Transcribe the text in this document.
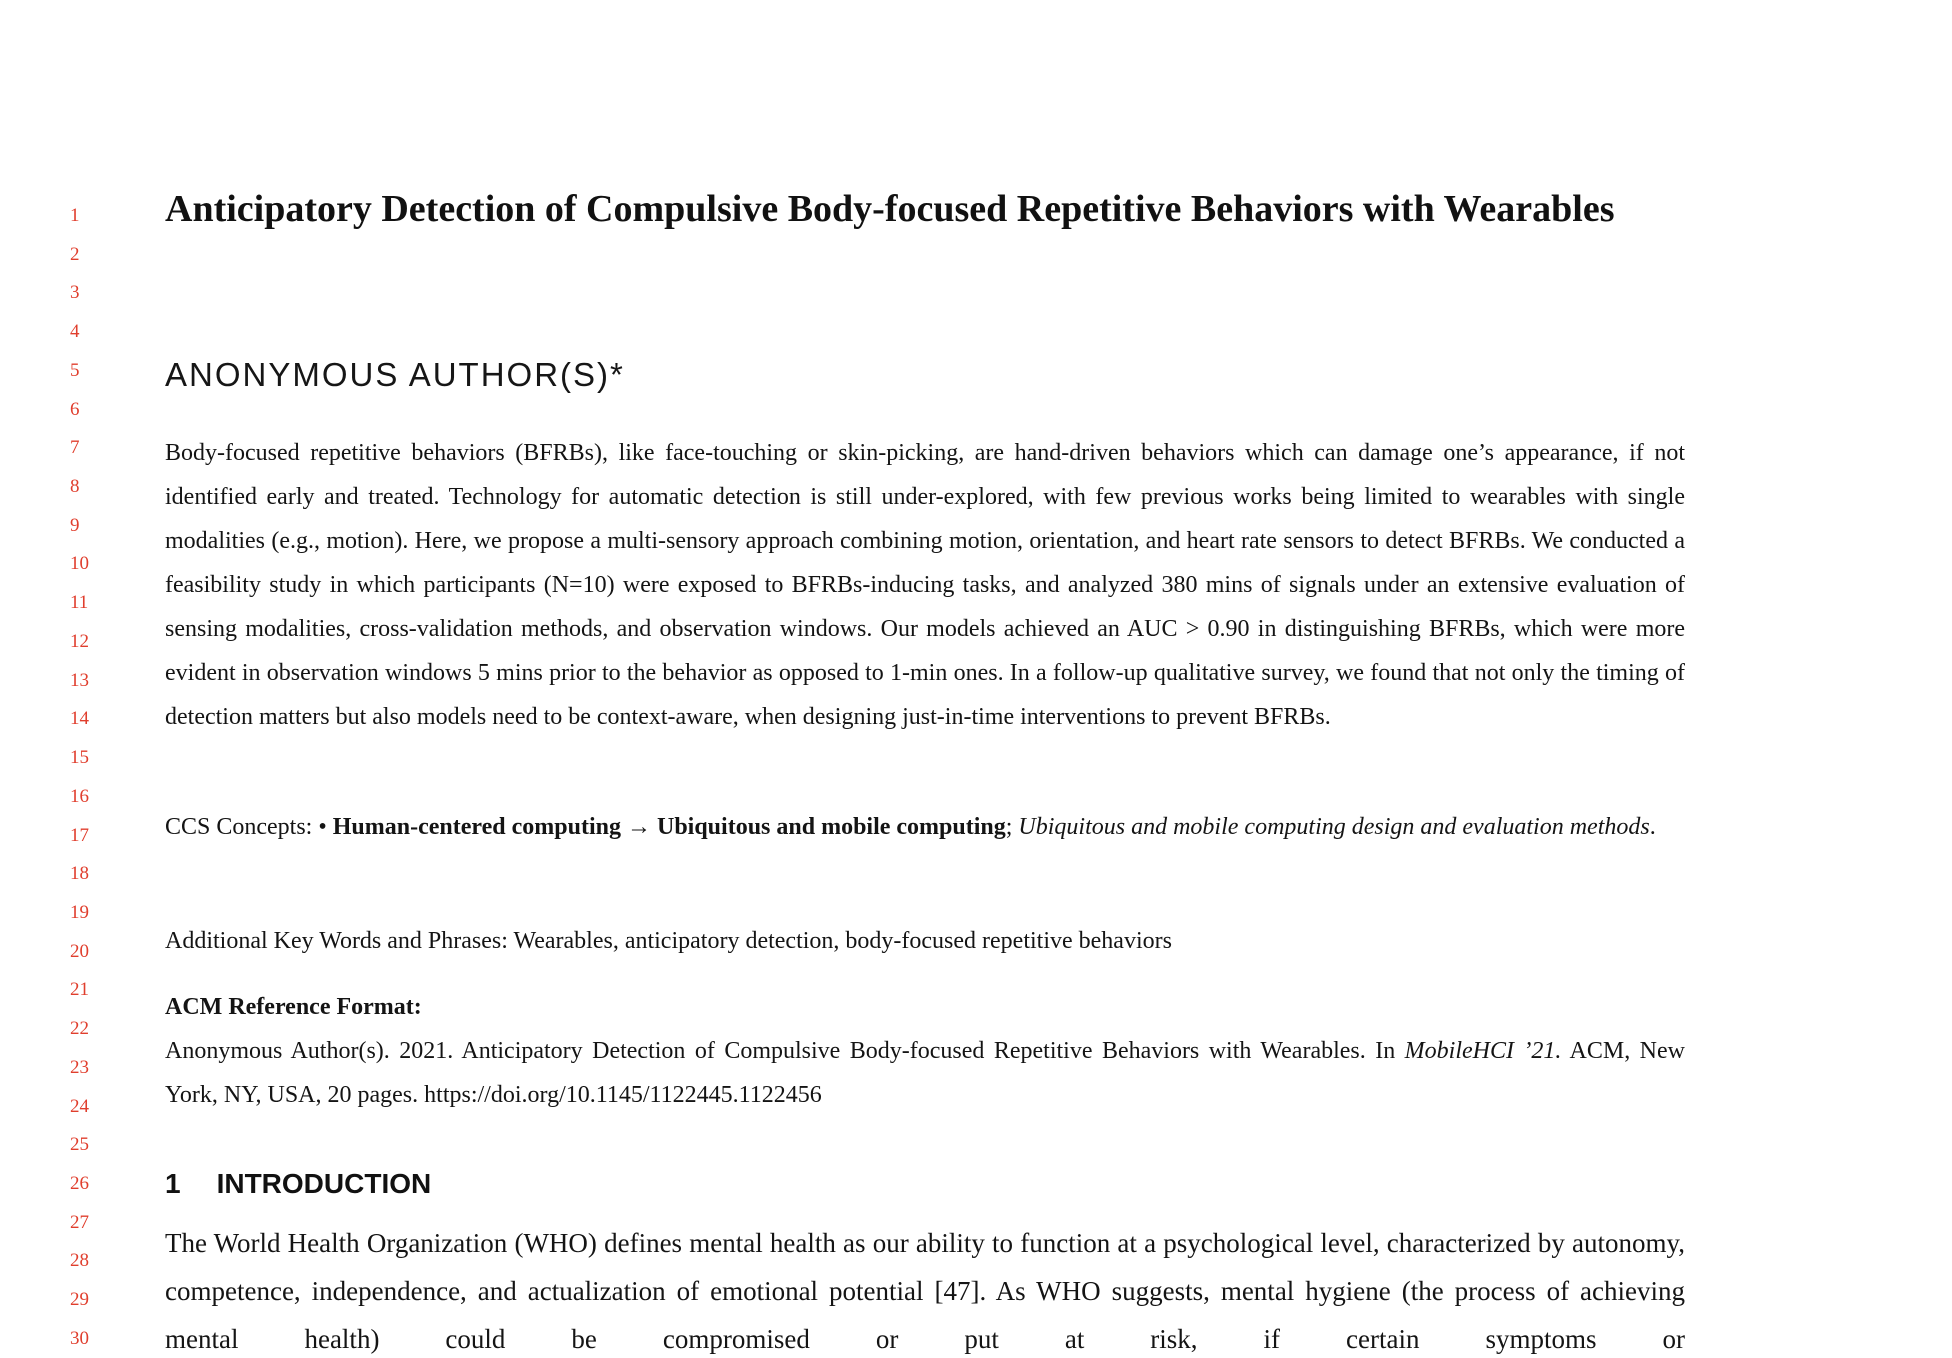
1
2
3
4
5
6
7
8
9
10
11
12
13
14
15
16
17
18
19
20
21
22
23
24
25
26
27
28
29
30
Anticipatory Detection of Compulsive Body-focused Repetitive Behaviors with Wearables
ANONYMOUS AUTHOR(S)*

Body-focused repetitive behaviors (BFRBs), like face-touching or skin-picking, are hand-driven behaviors which can damage one’s appearance, if not identified early and treated. Technology for automatic detection is still under-explored, with few previous works being limited to wearables with single modalities (e.g., motion). Here, we propose a multi-sensory approach combining motion, orientation, and heart rate sensors to detect BFRBs. We conducted a feasibility study in which participants (N=10) were exposed to BFRBs-inducing tasks, and analyzed 380 mins of signals under an extensive evaluation of sensing modalities, cross-validation methods, and observation windows. Our models achieved an AUC > 0.90 in distinguishing BFRBs, which were more evident in observation windows 5 mins prior to the behavior as opposed to 1-min ones. In a follow-up qualitative survey, we found that not only the timing of detection matters but also models need to be context-aware, when designing just-in-time interventions to prevent BFRBs.

CCS Concepts: • Human-centered computing → Ubiquitous and mobile computing; Ubiquitous and mobile computing design and evaluation methods.

Additional Key Words and Phrases: Wearables, anticipatory detection, body-focused repetitive behaviors

ACM Reference Format:

Anonymous Author(s). 2021. Anticipatory Detection of Compulsive Body-focused Repetitive Behaviors with Wearables. In MobileHCI ’21. ACM, New York, NY, USA, 20 pages. https://doi.org/10.1145/1122445.1122456

1 INTRODUCTION

The World Health Organization (WHO) defines mental health as our ability to function at a psychological level, characterized by autonomy, competence, independence, and actualization of emotional potential [47]. As WHO suggests, mental hygiene (the process of achieving mental health) could be compromised or put at risk, if certain symptoms or
